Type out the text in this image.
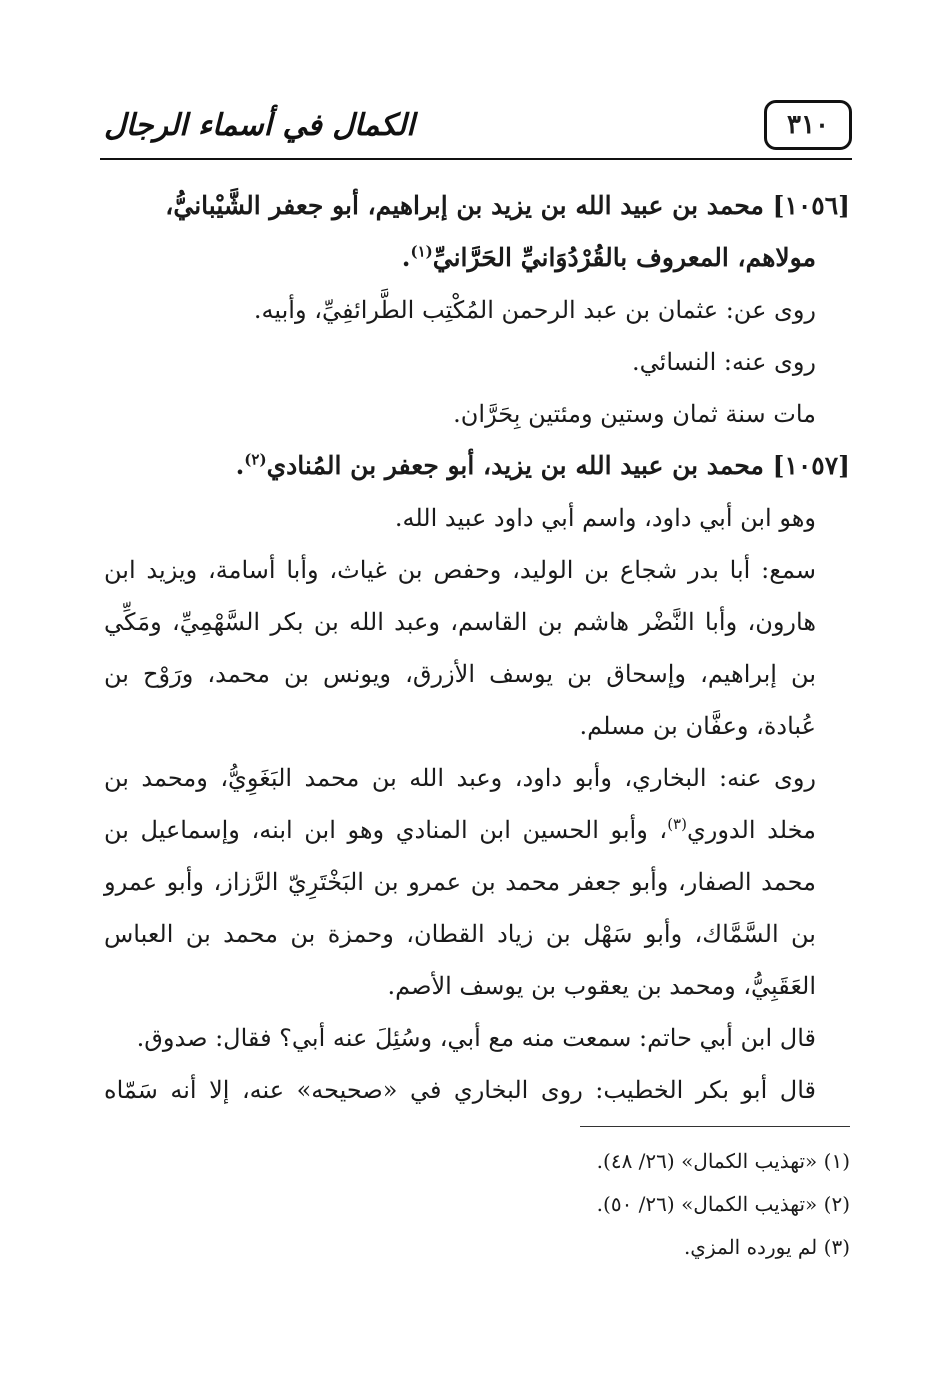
الكمال في أسماء الرجال	٣١٠

[١٠٥٦] محمد بن عبيد الله بن يزيد بن إبراهيم، أبو جعفر الشَّيْبانيُّ،

مولاهم، المعروف بالقُرْدُوَانيِّ الحَرَّانيِّ$^{(١)}$.

روى عن: عثمان بن عبد الرحمن المُكْتِب الطَّرائفِيِّ، وأبيه.

روى عنه: النسائي.

مات سنة ثمان وستين ومئتين بِحَرَّان.

[١٠٥٧] محمد بن عبيد الله بن يزيد، أبو جعفر بن المُنادي$^{(٢)}$.

وهو ابن أبي داود، واسم أبي داود عبيد الله.

سمع: أبا بدر شجاع بن الوليد، وحفص بن غياث، وأبا أسامة، ويزيد ابن هارون، وأبا النَّضْر هاشم بن القاسم، وعبد الله بن بكر السَّهْمِيِّ، ومَكِّي بن إبراهيم، وإسحاق بن يوسف الأزرق، ويونس بن محمد، ورَوْح بن عُبادة، وعفَّان بن مسلم.

روى عنه: البخاري، وأبو داود، وعبد الله بن محمد البَغَوِيُّ، ومحمد بن مخلد الدوري$^{(٣)}$، وأبو الحسين ابن المنادي وهو ابن ابنه، وإسماعيل بن محمد الصفار، وأبو جعفر محمد بن عمرو بن البَخْتَرِيّ الرَّزاز، وأبو عمرو بن السَّمَّاك، وأبو سَهْل بن زياد القطان، وحمزة بن محمد بن العباس العَقَبِيُّ، ومحمد بن يعقوب بن يوسف الأصم.

قال ابن أبي حاتم: سمعت منه مع أبي، وسُئِلَ عنه أبي؟ فقال: صدوق.

قال أبو بكر الخطيب: روى البخاري في «صحيحه» عنه، إلا أنه سَمّاه

(١) «تهذيب الكمال» (٢٦/ ٤٨).

(٢) «تهذيب الكمال» (٢٦/ ٥٠).

(٣) لم يورده المزي.
